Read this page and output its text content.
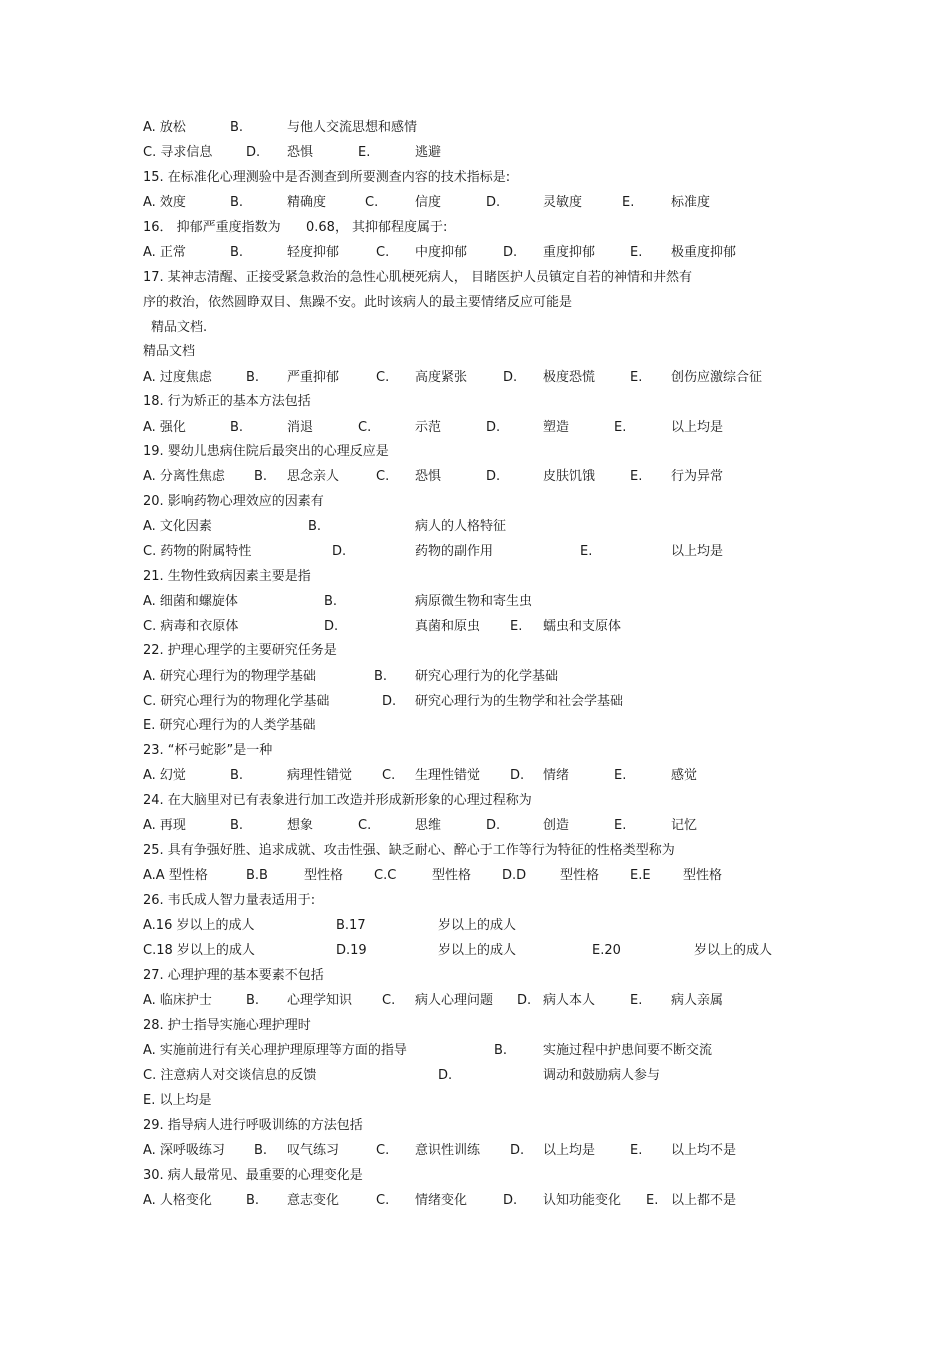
A. 放松	B.	与他人交流思想和感情
C. 寻求信息	D. 恐惧	E.	逃避
15. 在标准化心理测验中是否测查到所要测查内容的技术指标是:
A. 效度	B.	精确度	C.	信度	D.	灵敏度	E.	标准度
16． 抑郁严重度指数为 0.68， 其抑郁程度属于:
A. 正常	B.	轻度抑郁	C. 中度抑郁	D. 重度抑郁	E. 极重度抑郁
17. 某神志清醒、正接受紧急救治的急性心肌梗死病人， 目睹医护人员镇定自若的神情和井然有
序的救治，依然圆睁双目、焦躁不安。此时该病人的最主要情绪反应可能是
精品文档.
精品文档
A. 过度焦虑	B. 严重抑郁	C. 高度紧张	D. 极度恐慌	E. 创伤应激综合征
18. 行为矫正的基本方法包括
A. 强化	B.	消退	C.	示范	D.	塑造	E.	以上均是
19. 婴幼儿患病住院后最突出的心理反应是
A. 分离性焦虑 B. 思念亲人	C. 恐惧	D.	皮肤饥饿	E. 行为异常
20. 影响药物心理效应的因素有
A. 文化因素	B.	病人的人格特征
C. 药物的附属特性	D.	药物的副作用	E.	以上均是
21. 生物性致病因素主要是指
A. 细菌和螺旋体	B.	病原微生物和寄生虫
C. 病毒和衣原体	D.	真菌和原虫 E. 蠕虫和支原体
22. 护理心理学的主要研究任务是
A. 研究心理行为的物理学基础	B. 研究心理行为的化学基础
C. 研究心理行为的物理化学基础	D. 研究心理行为的生物学和社会学基础
E. 研究心理行为的人类学基础
23. “杯弓蛇影”是一种
A. 幻觉	B.	病理性错觉 C. 生理性错觉 D. 情绪	E.	感觉
24. 在大脑里对已有表象进行加工改造并形成新形象的心理过程称为
A. 再现	B.	想象	C.	思维	D.	创造	E.	记忆
25. 具有争强好胜、追求成就、攻击性强、缺乏耐心、醉心于工作等行为特征的性格类型称为
A.A 型性格	B.B	型性格 C.C	型性格 D.D	型性格 E.E 型性格
26. 韦氏成人智力量表适用于:
A.16 岁以上的成人	B.17	岁以上的成人
C.18 岁以上的成人	D.19	岁以上的成人	E.20	岁以上的成人
27. 心理护理的基本要素不包括
A. 临床护士	B. 心理学知识 C. 病人心理问题 D. 病人本人	E. 病人亲属
28. 护士指导实施心理护理时
A. 实施前进行有关心理护理原理等方面的指导	B.	实施过程中护患间要不断交流
C. 注意病人对交谈信息的反馈	D.	调动和鼓励病人参与
E. 以上均是
29. 指导病人进行呼吸训练的方法包括
A. 深呼吸练习 B. 叹气练习	C. 意识性训练 D. 以上均是	E. 以上均不是
30. 病人最常见、最重要的心理变化是
A. 人格变化	B. 意志变化	C. 情绪变化	D. 认知功能变化 E. 以上都不是
